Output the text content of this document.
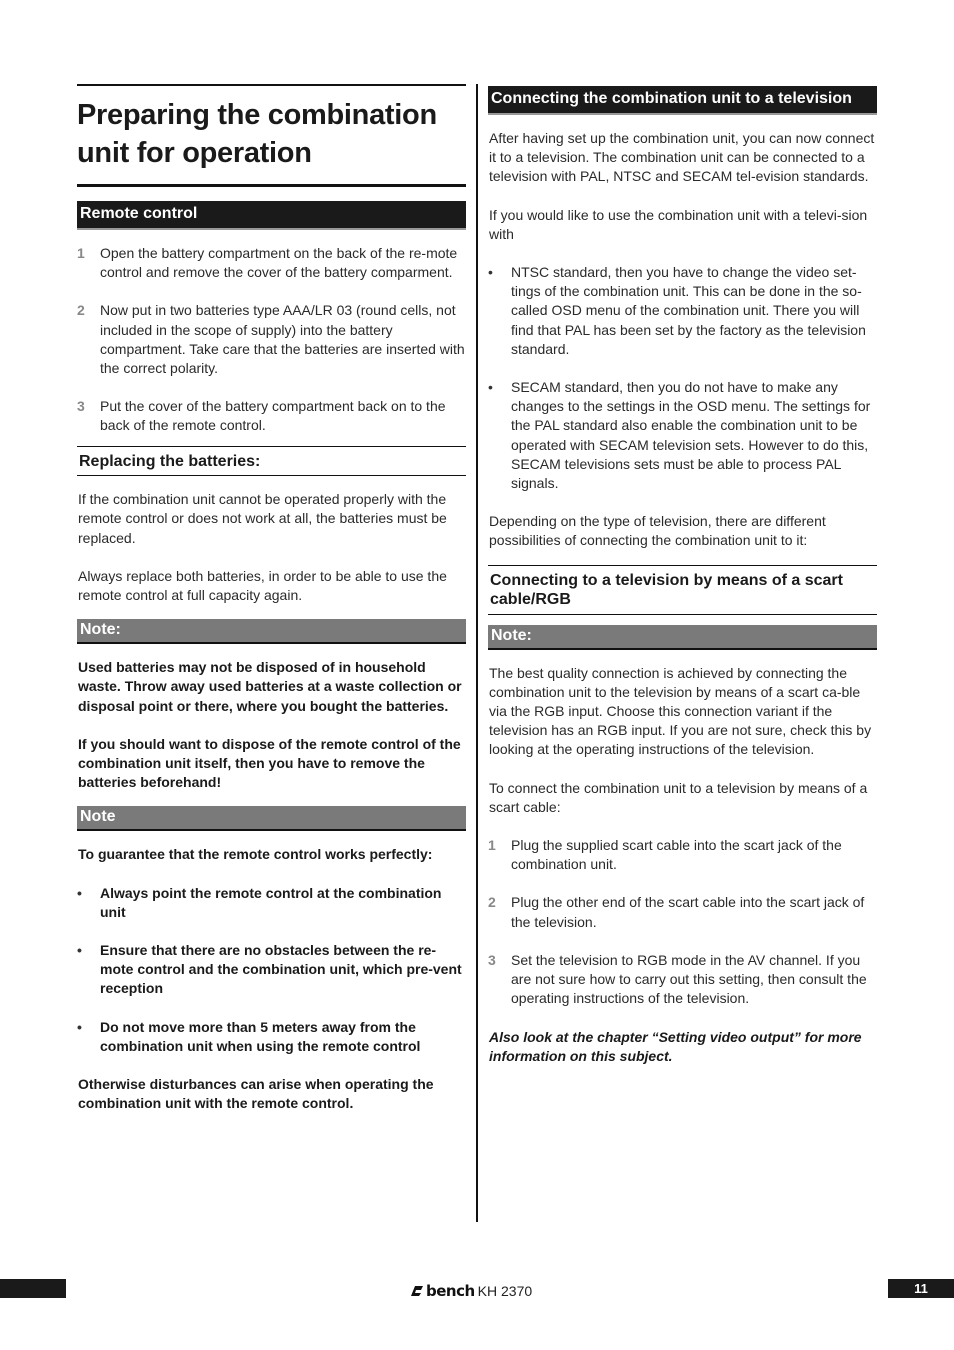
Preparing the combination unit for operation
Remote control
1 Open the battery compartment on the back of the re-mote control and remove the cover of the battery comparment.
2 Now put in two batteries type AAA/LR 03 (round cells, not included in the scope of supply) into the battery compartment. Take care that the batteries are inserted with the correct polarity.
3 Put the cover of the battery compartment back on to the back of the remote control.
Replacing the batteries:

If the combination unit cannot be operated properly with the remote control or does not work at all, the batteries must be replaced.

Always replace both batteries, in order to be able to use the remote control at full capacity again.

Note:

Used batteries may not be disposed of in household waste. Throw away used batteries at a waste collection or disposal point or there, where you bought the batteries.

If you should want to dispose of the remote control of the combination unit itself, then you have to remove the batteries beforehand!

Note

To guarantee that the remote control works perfectly:

• Always point the remote control at the combination unit
• Ensure that there are no obstacles between the re-mote control and the combination unit, which pre-vent reception
• Do not move more than 5 meters away from the combination unit when using the remote control

Otherwise disturbances can arise when operating the combination unit with the remote control.

Connecting the combination unit to a television

After having set up the combination unit, you can now connect it to a television. The combination unit can be connected to a television with PAL, NTSC and SECAM tel-evision standards.

If you would like to use the combination unit with a televi-sion with

• NTSC standard, then you have to change the video set-tings of the combination unit. This can be done in the so-called OSD menu of the combination unit. There you will find that PAL has been set by the factory as the television standard.
• SECAM standard, then you do not have to make any changes to the settings in the OSD menu. The settings for the PAL standard also enable the combination unit to be operated with SECAM television sets. However to do this, SECAM televisions sets must be able to process PAL signals.

Depending on the type of television, there are different possibilities of connecting the combination unit to it:

Connecting to a television by means of a scart cable/RGB
Note:

The best quality connection is achieved by connecting the combination unit to the television by means of a scart ca-ble via the RGB input. Choose this connection variant if the television has an RGB input. If you are not sure, check this by looking at the operating instructions of the television.

To connect the combination unit to a television by means of a scart cable:

1 Plug the supplied scart cable into the scart jack of the combination unit.
2 Plug the other end of the scart cable into the scart jack of the television.
3 Set the television to RGB mode in the AV channel. If you are not sure how to carry out this setting, then consult the operating instructions of the television.

Also look at the chapter “Setting video output” for more information on this subject.

bench KH 2370	11
